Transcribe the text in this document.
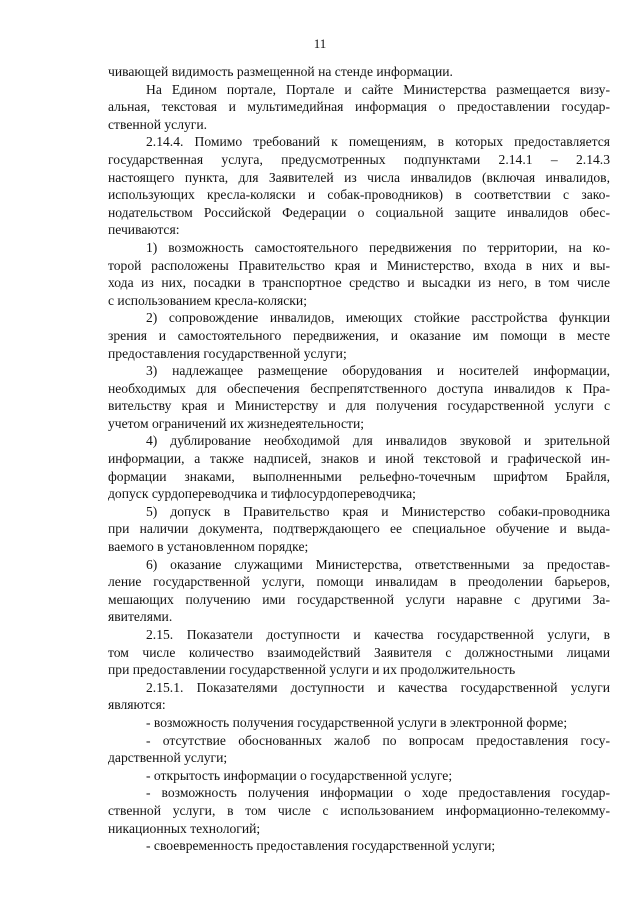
11
чивающей видимость размещенной на стенде информации.
На Едином портале, Портале и сайте Министерства размещается визу-
альная, текстовая и мультимедийная информация о предоставлении государ-
ственной услуги.
2.14.4. Помимо требований к помещениям, в которых предоставляется
государственная услуга, предусмотренных подпунктами 2.14.1 – 2.14.3
настоящего пункта, для Заявителей из числа инвалидов (включая инвалидов,
использующих кресла-коляски и собак-проводников) в соответствии с зако-
нодательством Российской Федерации о социальной защите инвалидов обес-
печиваются:
1) возможность самостоятельного передвижения по территории, на ко-
торой расположены Правительство края и Министерство, входа в них и вы-
хода из них, посадки в транспортное средство и высадки из него, в том числе
с использованием кресла-коляски;
2) сопровождение инвалидов, имеющих стойкие расстройства функции
зрения и самостоятельного передвижения, и оказание им помощи в месте
предоставления государственной услуги;
3) надлежащее размещение оборудования и носителей информации,
необходимых для обеспечения беспрепятственного доступа инвалидов к Пра-
вительству края и Министерству и для получения государственной услуги с
учетом ограничений их жизнедеятельности;
4) дублирование необходимой для инвалидов звуковой и зрительной
информации, а также надписей, знаков и иной текстовой и графической ин-
формации знаками, выполненными рельефно-точечным шрифтом Брайля,
допуск сурдопереводчика и тифлосурдопереводчика;
5) допуск в Правительство края и Министерство собаки-проводника
при наличии документа, подтверждающего ее специальное обучение и выда-
ваемого в установленном порядке;
6) оказание служащими Министерства, ответственными за предостав-
ление государственной услуги, помощи инвалидам в преодолении барьеров,
мешающих получению ими государственной услуги наравне с другими За-
явителями.
2.15. Показатели доступности и качества государственной услуги, в
том числе количество взаимодействий Заявителя с должностными лицами
при предоставлении государственной услуги и их продолжительность
2.15.1. Показателями доступности и качества государственной услуги
являются:
- возможность получения государственной услуги в электронной форме;
- отсутствие обоснованных жалоб по вопросам предоставления госу-
дарственной услуги;
- открытость информации о государственной услуге;
- возможность получения информации о ходе предоставления государ-
ственной услуги, в том числе с использованием информационно-телекомму-
никационных технологий;
- своевременность предоставления государственной услуги;
